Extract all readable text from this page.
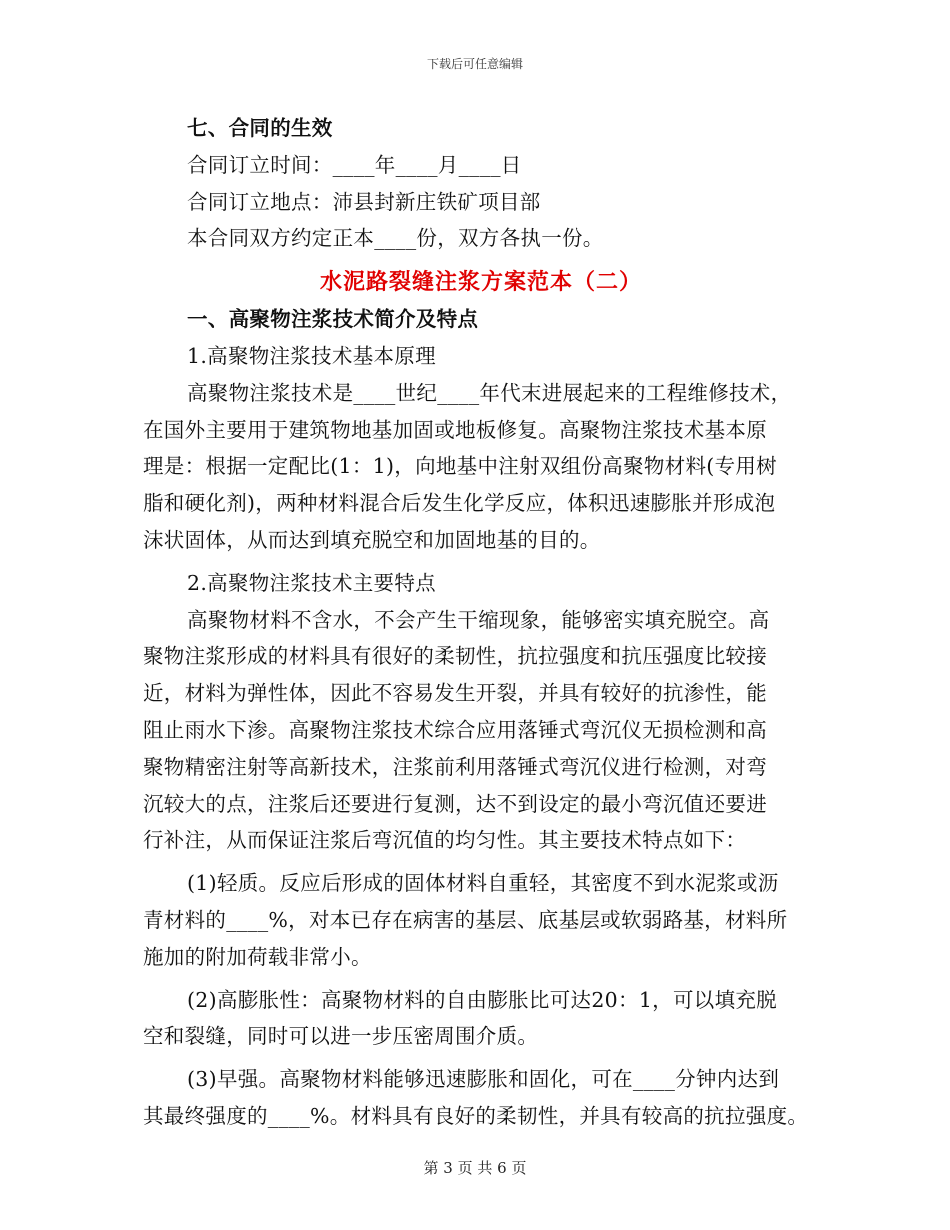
下载后可任意编辑
七、合同的生效
合同订立时间：____年____月____日
合同订立地点：沛县封新庄铁矿项目部
本合同双方约定正本____份，双方各执一份。
水泥路裂缝注浆方案范本（二）
一、高聚物注浆技术简介及特点
1.高聚物注浆技术基本原理
高聚物注浆技术是____世纪____年代末进展起来的工程维修技术，
在国外主要用于建筑物地基加固或地板修复。高聚物注浆技术基本原
理是：根据一定配比(1：1)，向地基中注射双组份高聚物材料(专用树
脂和硬化剂)，两种材料混合后发生化学反应，体积迅速膨胀并形成泡
沫状固体，从而达到填充脱空和加固地基的目的。
2.高聚物注浆技术主要特点
高聚物材料不含水，不会产生干缩现象，能够密实填充脱空。高
聚物注浆形成的材料具有很好的柔韧性，抗拉强度和抗压强度比较接
近，材料为弹性体，因此不容易发生开裂，并具有较好的抗渗性，能
阻止雨水下渗。高聚物注浆技术综合应用落锤式弯沉仪无损检测和高
聚物精密注射等高新技术，注浆前利用落锤式弯沉仪进行检测，对弯
沉较大的点，注浆后还要进行复测，达不到设定的最小弯沉值还要进
行补注，从而保证注浆后弯沉值的均匀性。其主要技术特点如下：
(1)轻质。反应后形成的固体材料自重轻，其密度不到水泥浆或沥
青材料的____%，对本已存在病害的基层、底基层或软弱路基，材料所
施加的附加荷载非常小。
(2)高膨胀性：高聚物材料的自由膨胀比可达20：1，可以填充脱
空和裂缝，同时可以进一步压密周围介质。
(3)早强。高聚物材料能够迅速膨胀和固化，可在____分钟内达到
其最终强度的____%。材料具有良好的柔韧性，并具有较高的抗拉强度。
第 3 页 共 6 页
